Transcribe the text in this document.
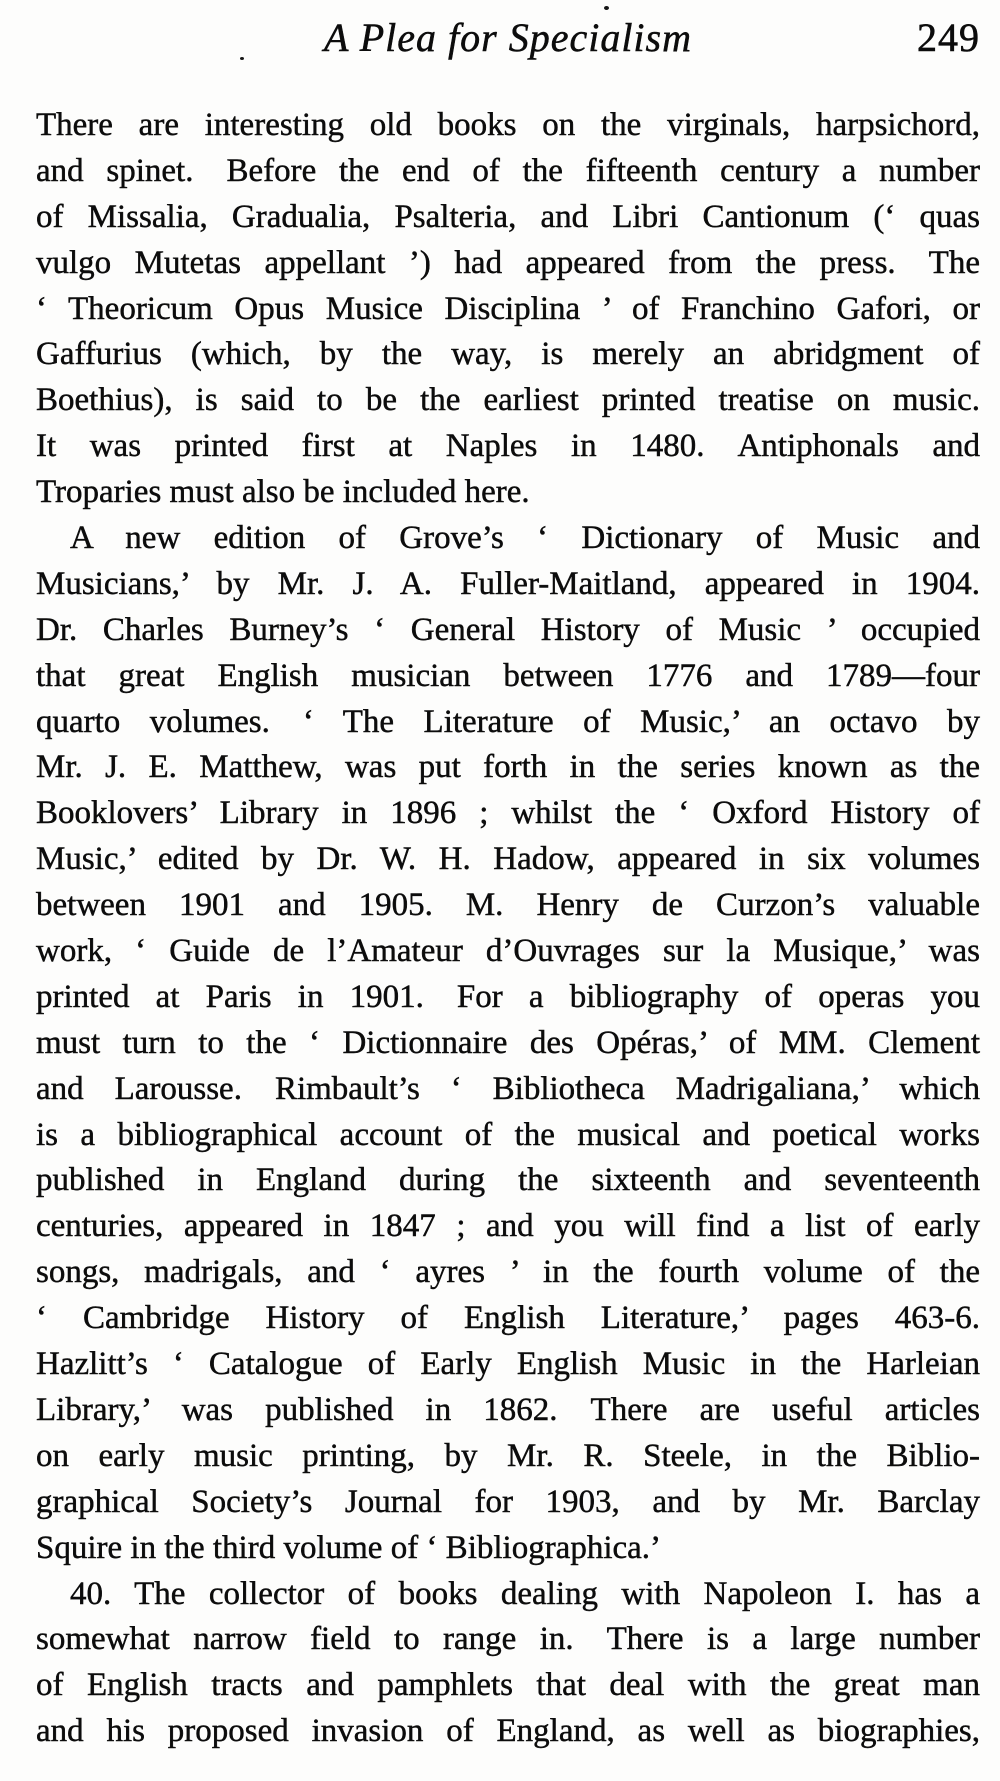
A Plea for Specialism	249
There are interesting old books on the virginals, harpsichord,
and spinet. Before the end of the fifteenth century a number
of Missalia, Gradualia, Psalteria, and Libri Cantionum (‘ quas
vulgo Mutetas appellant ’) had appeared from the press. The
‘ Theoricum Opus Musice Disciplina ’ of Franchino Gafori, or
Gaffurius (which, by the way, is merely an abridgment of
Boethius), is said to be the earliest printed treatise on music.
It was printed first at Naples in 1480. Antiphonals and
Troparies must also be included here.
A new edition of Grove’s ‘ Dictionary of Music and
Musicians,’ by Mr. J. A. Fuller-Maitland, appeared in 1904.
Dr. Charles Burney’s ‘ General History of Music ’ occupied
that great English musician between 1776 and 1789—four
quarto volumes. ‘ The Literature of Music,’ an octavo by
Mr. J. E. Matthew, was put forth in the series known as the
Booklovers’ Library in 1896 ; whilst the ‘ Oxford History of
Music,’ edited by Dr. W. H. Hadow, appeared in six volumes
between 1901 and 1905. M. Henry de Curzon’s valuable
work, ‘ Guide de l’Amateur d’Ouvrages sur la Musique,’ was
printed at Paris in 1901. For a bibliography of operas you
must turn to the ‘ Dictionnaire des Opéras,’ of MM. Clement
and Larousse. Rimbault’s ‘ Bibliotheca Madrigaliana,’ which
is a bibliographical account of the musical and poetical works
published in England during the sixteenth and seventeenth
centuries, appeared in 1847 ; and you will find a list of early
songs, madrigals, and ‘ ayres ’ in the fourth volume of the
‘ Cambridge History of English Literature,’ pages 463-6.
Hazlitt’s ‘ Catalogue of Early English Music in the Harleian
Library,’ was published in 1862. There are useful articles
on early music printing, by Mr. R. Steele, in the Biblio-
graphical Society’s Journal for 1903, and by Mr. Barclay
Squire in the third volume of ‘ Bibliographica.’
40. The collector of books dealing with Napoleon I. has a
somewhat narrow field to range in. There is a large number
of English tracts and pamphlets that deal with the great man
and his proposed invasion of England, as well as biographies,
